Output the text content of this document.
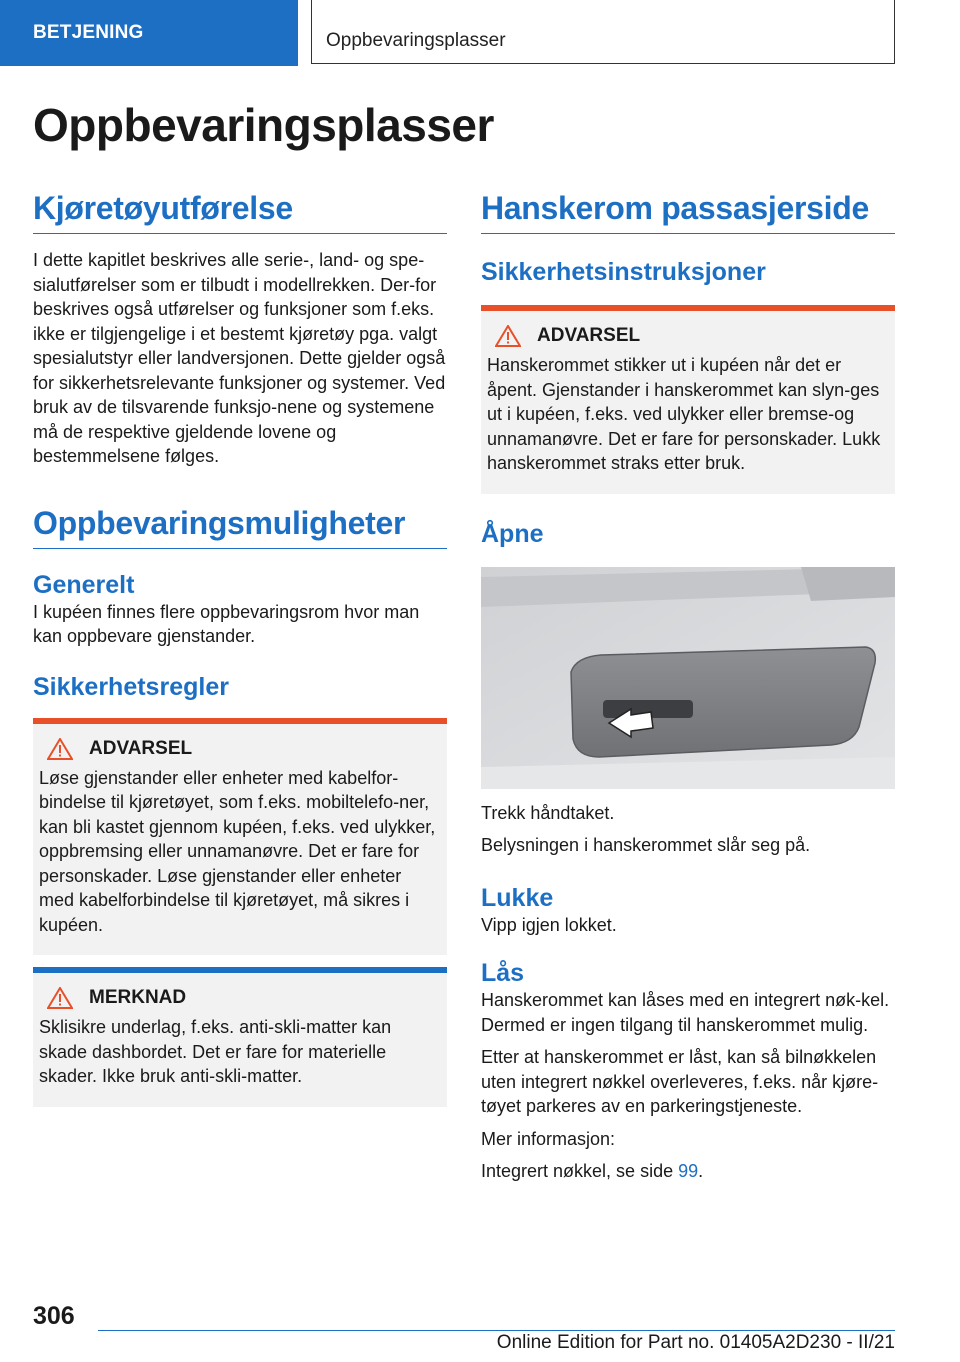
BETJENING	Oppbevaringsplasser
Oppbevaringsplasser
Kjøretøyutførelse

I dette kapitlet beskrives alle serie-, land- og spe-sialutførelser som er tilbudt i modellrekken. Der-for beskrives også utførelser og funksjoner som f.eks. ikke er tilgjengelige i et bestemt kjøretøy pga. valgt spesialutstyr eller landversjonen. Dette gjelder også for sikkerhetsrelevante funksjoner og systemer. Ved bruk av de tilsvarende funksjo-nene og systemene må de respektive gjeldende lovene og bestemmelsene følges.

Oppbevaringsmuligheter
Generelt

I kupéen finnes flere oppbevaringsrom hvor man kan oppbevare gjenstander.

Sikkerhetsregler
ADVARSEL

Løse gjenstander eller enheter med kabelfor-bindelse til kjøretøyet, som f.eks. mobiltelefo-ner, kan bli kastet gjennom kupéen, f.eks. ved ulykker, oppbremsing eller unnamanøvre. Det er fare for personskader. Løse gjenstander eller enheter med kabelforbindelse til kjøretøyet, må sikres i kupéen.

MERKNAD

Sklisikre underlag, f.eks. anti-skli-matter kan skade dashbordet. Det er fare for materielle skader. Ikke bruk anti-skli-matter.

Hanskerom passasjerside
Sikkerhetsinstruksjoner
ADVARSEL

Hanskerommet stikker ut i kupéen når det er åpent. Gjenstander i hanskerommet kan slyn-ges ut i kupéen, f.eks. ved ulykker eller bremse-og unnamanøvre. Det er fare for personskader. Lukk hanskerommet straks etter bruk.

Åpne

Trekk håndtaket.

Belysningen i hanskerommet slår seg på.

Lukke

Vipp igjen lokket.

Lås

Hanskerommet kan låses med en integrert nøk-kel. Dermed er ingen tilgang til hanskerommet mulig.

Etter at hanskerommet er låst, kan så bilnøkkelen uten integrert nøkkel overleveres, f.eks. når kjøre-tøyet parkeres av en parkeringstjeneste.

Mer informasjon:

Integrert nøkkel, se side 99.

306
Online Edition for Part no. 01405A2D230 - II/21
